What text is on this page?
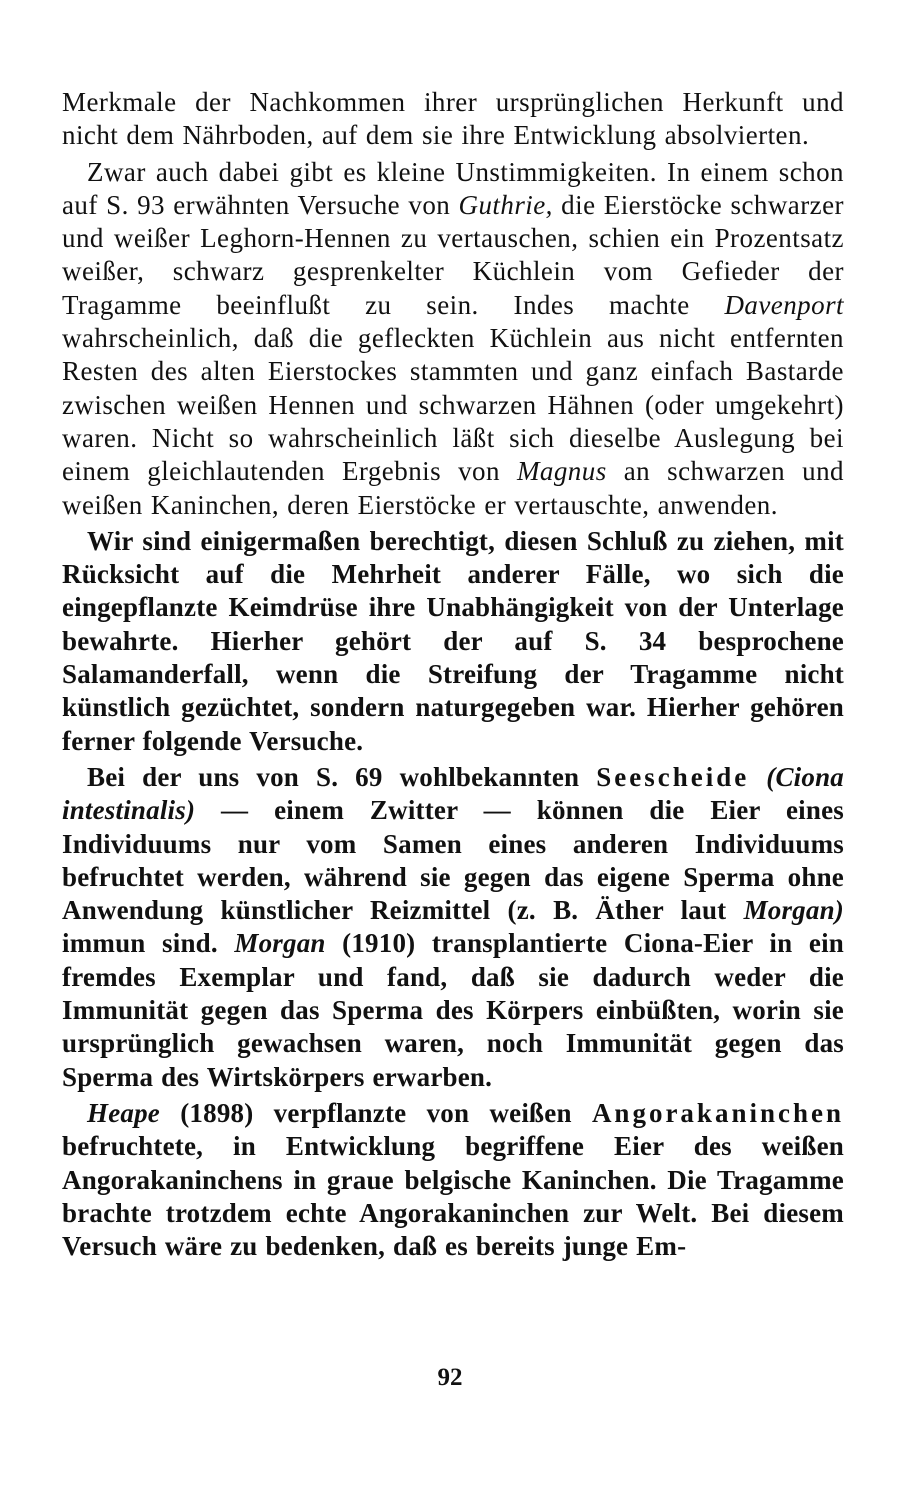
Merkmale der Nachkommen ihrer ursprünglichen Herkunft und nicht dem Nährboden, auf dem sie ihre Entwicklung absolvierten.

Zwar auch dabei gibt es kleine Unstimmigkeiten. In einem schon auf S. 93 erwähnten Versuche von Guthrie, die Eierstöcke schwarzer und weißer Leghorn-Hennen zu vertauschen, schien ein Prozentsatz weißer, schwarz gesprenkelter Küchlein vom Gefieder der Tragamme beeinflußt zu sein. Indes machte Davenport wahrscheinlich, daß die gefleckten Küchlein aus nicht entfernten Resten des alten Eierstockes stammten und ganz einfach Bastarde zwischen weißen Hennen und schwarzen Hähnen (oder umgekehrt) waren. Nicht so wahrscheinlich läßt sich dieselbe Auslegung bei einem gleichlautenden Ergebnis von Magnus an schwarzen und weißen Kaninchen, deren Eierstöcke er vertauschte, anwenden.

Wir sind einigermaßen berechtigt, diesen Schluß zu ziehen, mit Rücksicht auf die Mehrheit anderer Fälle, wo sich die eingepflanzte Keimdrüse ihre Unabhängigkeit von der Unterlage bewahrte. Hierher gehört der auf S. 34 besprochene Salamanderfall, wenn die Streifung der Tragamme nicht künstlich gezüchtet, sondern naturgegeben war. Hierher gehören ferner folgende Versuche.

Bei der uns von S. 69 wohlbekannten Seescheide (Ciona intestinalis) — einem Zwitter — können die Eier eines Individuums nur vom Samen eines anderen Individuums befruchtet werden, während sie gegen das eigene Sperma ohne Anwendung künstlicher Reizmittel (z. B. Äther laut Morgan) immun sind. Morgan (1910) transplantierte Ciona-Eier in ein fremdes Exemplar und fand, daß sie dadurch weder die Immunität gegen das Sperma des Körpers einbüßten, worin sie ursprünglich gewachsen waren, noch Immunität gegen das Sperma des Wirtskörpers erwarben.

Heape (1898) verpflanzte von weißen Angorakaninchen befruchtete, in Entwicklung begriffene Eier des weißen Angorakaninchens in graue belgische Kaninchen. Die Tragamme brachte trotzdem echte Angorakaninchen zur Welt. Bei diesem Versuch wäre zu bedenken, daß es bereits junge Em-

92
